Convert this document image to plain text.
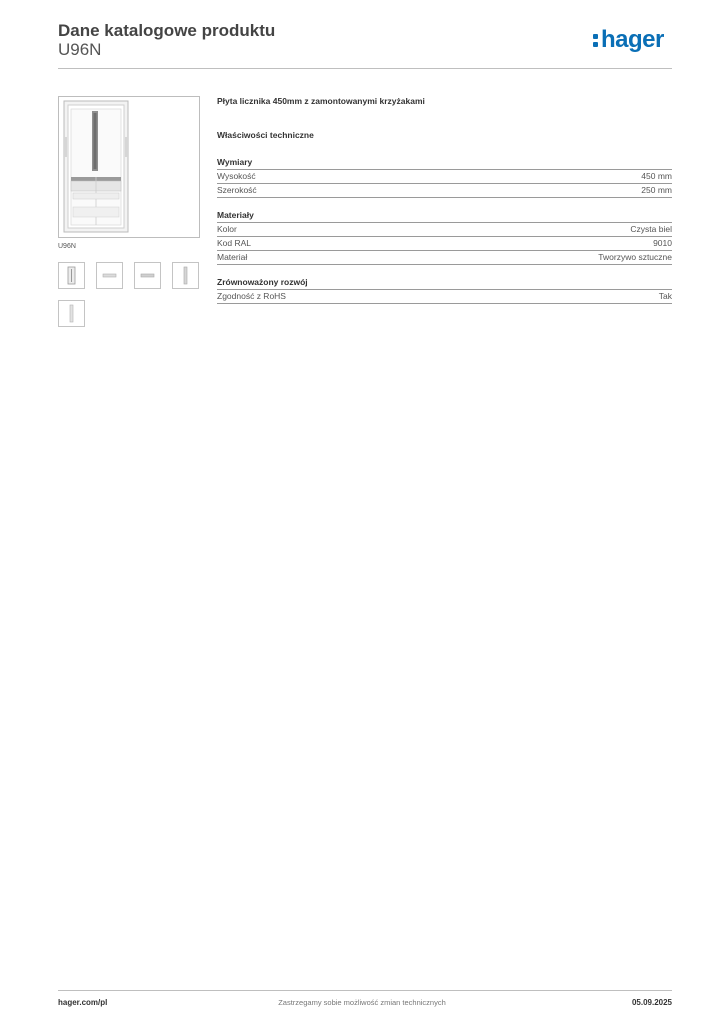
Dane katalogowe produktu
U96N	hager
U96N
Płyta licznika 450mm z zamontowanymi krzyżakami
Właściwości techniczne
Wymiary
Wysokość	450 mm
Szerokość	250 mm
Materiały
Kolor	Czysta biel
Kod RAL	9010
Materiał	Tworzywo sztuczne
Zrównoważony rozwój
Zgodność z RoHS	Tak
Zastrzegamy sobie możliwość zmian technicznych
hager.com/pl	05.09.2025
